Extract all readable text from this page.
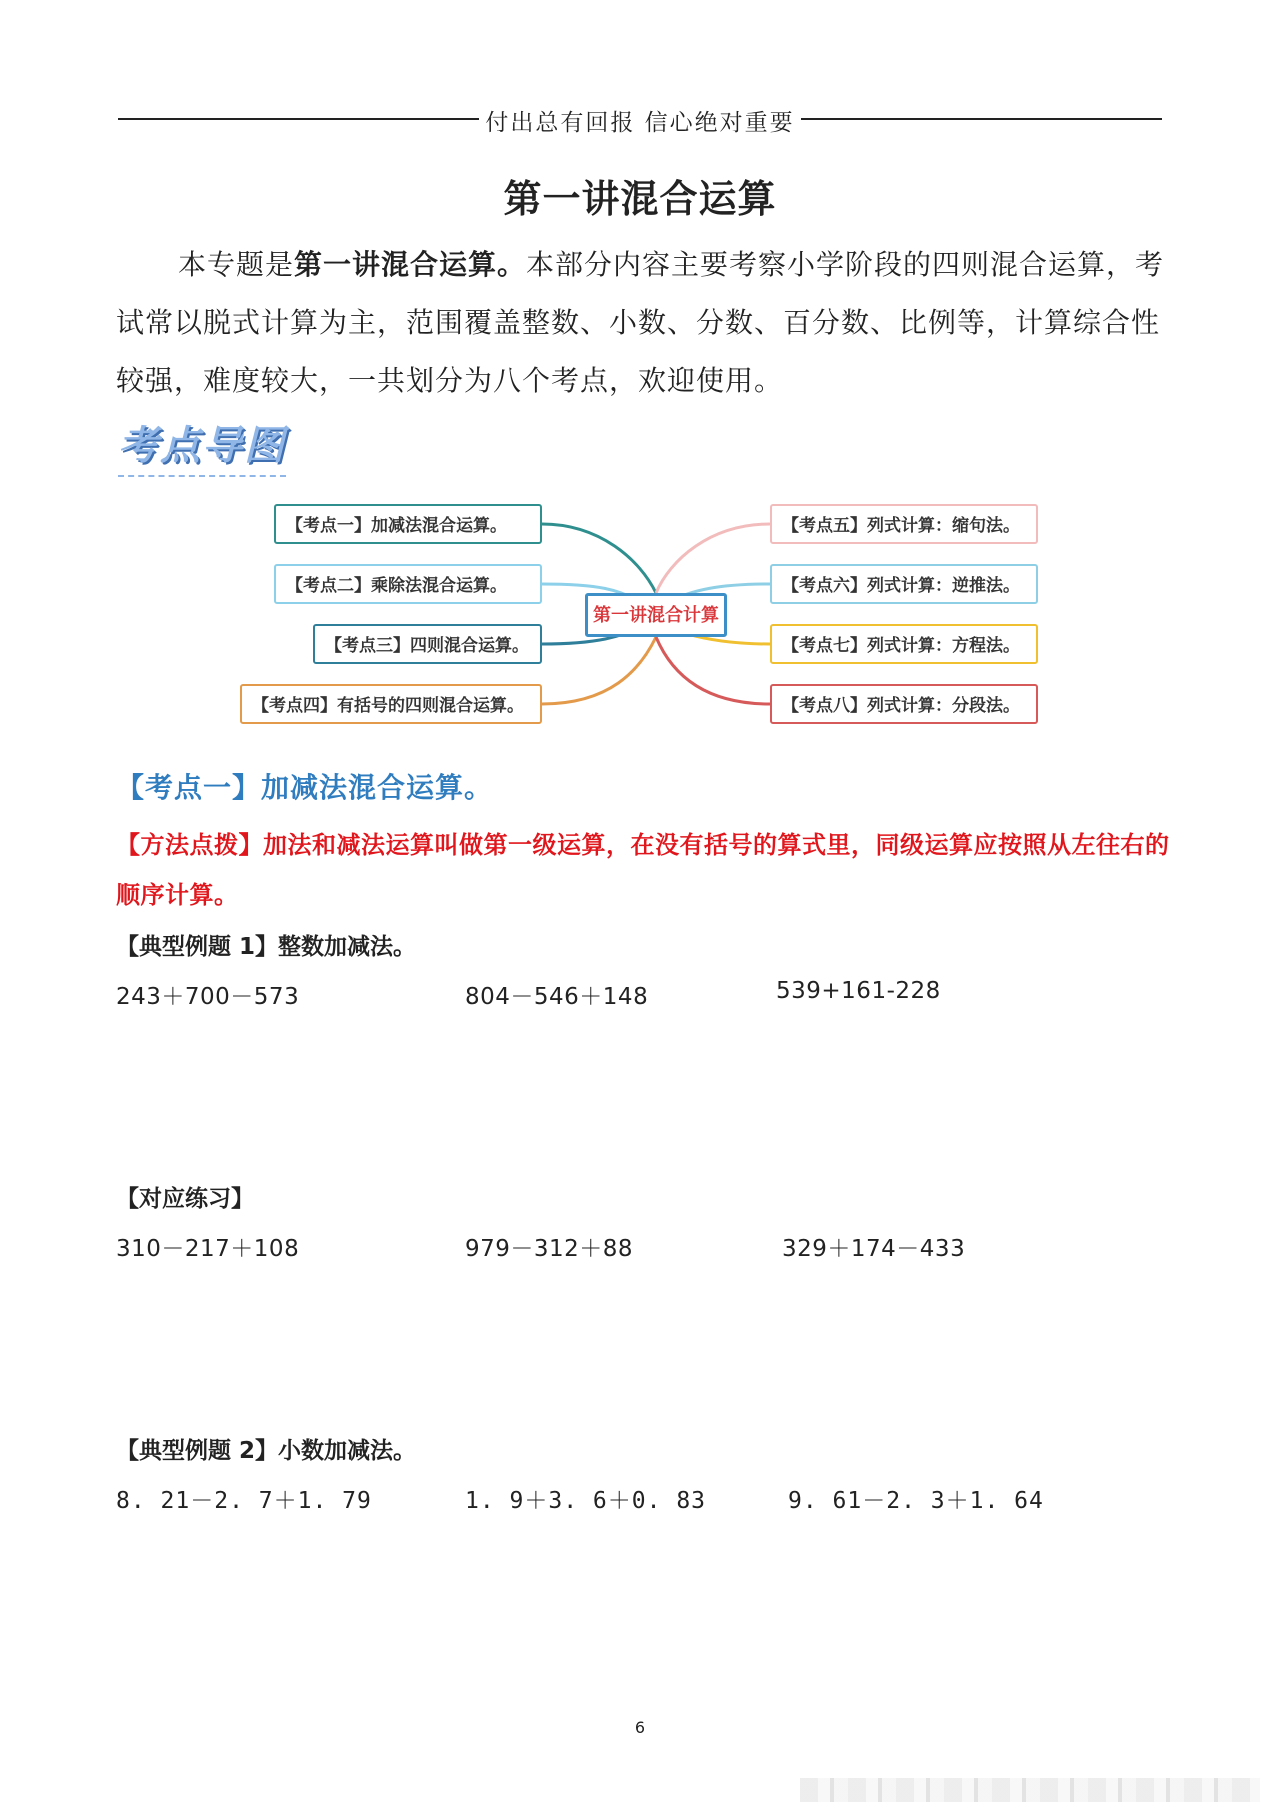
付出总有回报 信心绝对重要
第一讲混合运算
本专题是第一讲混合运算。本部分内容主要考察小学阶段的四则混合运算，考试常以脱式计算为主，范围覆盖整数、小数、分数、百分数、比例等，计算综合性较强，难度较大，一共划分为八个考点，欢迎使用。
考点导图
【考点一】加减法混合运算。
【考点二】乘除法混合运算。
【考点三】四则混合运算。
【考点四】有括号的四则混合运算。
第一讲混合计算
【考点五】列式计算：缩句法。
【考点六】列式计算：逆推法。
【考点七】列式计算：方程法。
【考点八】列式计算：分段法。
【考点一】加减法混合运算。
【方法点拨】加法和减法运算叫做第一级运算，在没有括号的算式里，同级运算应按照从左往右的顺序计算。
【典型例题 1】整数加减法。
243＋700－573	804－546＋148	539+161-228
【对应练习】
310－217＋108	979－312＋88	329＋174－433
【典型例题 2】小数加减法。
8. 21－2. 7＋1. 79	1. 9＋3. 6＋0. 83	9. 61－2. 3＋1. 64
6
